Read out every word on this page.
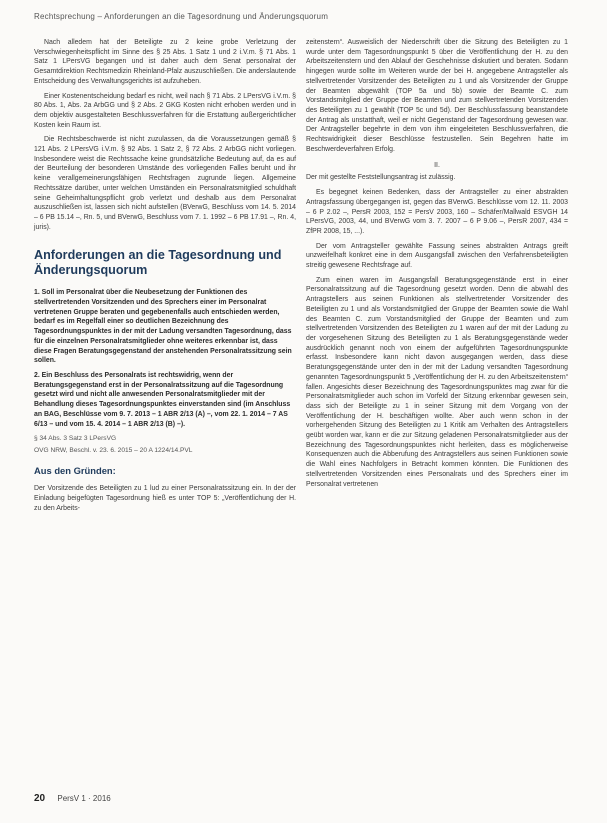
Rechtsprechung – Anforderungen an die Tagesordnung und Änderungsquorum

Nach alledem hat der Beteiligte zu 2 keine grobe Verletzung der Verschwiegenheitspflicht im Sinne des § 25 Abs. 1 Satz 1 und 2 i.V.m. § 71 Abs. 1 Satz 1 LPersVG begangen und ist daher auch dem Senat personalrat der Gesamtdirektion Rechtsmedizin Rheinland-Pfalz auszuschließen. Die anderslautende Entscheidung des Verwaltungsgerichts ist aufzuheben.

Einer Kostenentscheidung bedarf es nicht, weil nach § 71 Abs. 2 LPersVG i.V.m. § 80 Abs. 1, Abs. 2a ArbGG und § 2 Abs. 2 GKG Kosten nicht erhoben werden und in dem objektiv ausgestalteten Beschlussverfahren für die Erstattung außergerichtlicher Kosten kein Raum ist.

Die Rechtsbeschwerde ist nicht zuzulassen, da die Voraussetzungen gemäß § 121 Abs. 2 LPersVG i.V.m. § 92 Abs. 1 Satz 2, § 72 Abs. 2 ArbGG nicht vorliegen. Insbesondere weist die Rechtssache keine grundsätzliche Bedeutung auf, da es auf der Beurteilung der besonderen Umstände des vorliegenden Falles beruht und ihr keine verallgemeinerungsfähigen Rechtsfragen zugrunde liegen. Allgemeine Rechtssätze darüber, unter welchen Umständen ein Personalratsmitglied schuldhaft seine Geheimhaltungspflicht grob verletzt und deshalb aus dem Personalrat auszuschließen ist, lassen sich nicht aufstellen (BVerwG, Beschluss vom 14. 5. 2014 – 6 PB 15.14 –, Rn. 5, und BVerwG, Beschluss vom 7. 1. 1992 – 6 PB 17.91 –, Rn. 4, juris).

Anforderungen an die Tagesordnung und Änderungsquorum

1. Soll im Personalrat über die Neubesetzung der Funktionen des stellvertretenden Vorsitzenden und des Sprechers einer im Personalrat vertretenen Gruppe beraten und gegebenenfalls auch entschieden werden, bedarf es im Regelfall einer so deutlichen Bezeichnung des Tagesordnungspunktes in der mit der Ladung versandten Tagesordnung, dass für die einzelnen Personalratsmitglieder ohne weiteres erkennbar ist, dass diese Fragen Beratungsgegenstand der anstehenden Personalratssitzung sein sollen.

2. Ein Beschluss des Personalrats ist rechtswidrig, wenn der Beratungsgegenstand erst in der Personalratssitzung auf die Tagesordnung gesetzt wird und nicht alle anwesenden Personalratsmitglieder mit der Behandlung dieses Tagesordnungspunktes einverstanden sind (im Anschluss an BAG, Beschlüsse vom 9. 7. 2013 – 1 ABR 2/13 (A) –, vom 22. 1. 2014 – 7 AS 6/13 – und vom 15. 4. 2014 – 1 ABR 2/13 (B) –).

§ 34 Abs. 3 Satz 3 LPersVG

OVG NRW, Beschl. v. 23. 6. 2015 – 20 A 1224/14.PVL

Aus den Gründen:

Der Vorsitzende des Beteiligten zu 1 lud zu einer Personalratssitzung ein. In der der Einladung beigefügten Tagesordnung hieß es unter TOP 5: „Veröffentlichung der H. zu den Arbeits-

zeitenstern“. Ausweislich der Niederschrift über die Sitzung des Beteiligten zu 1 wurde unter dem Tagesordnungspunkt 5 über die Veröffentlichung der H. zu den Arbeitszeitenstern und den Ablauf der Geschehnisse diskutiert und beraten. Sodann hingegen wurde sollte im Weiteren wurde der bei H. angegebene Antragsteller als stellvertretender Vorsitzender des Beteiligten zu 1 und als Vorsitzender der Gruppe der Beamten abgewählt (TOP 5a und 5b) sowie der Beamte C. zum Vorstandsmitglied der Gruppe der Beamten und zum stellvertretenden Vorsitzenden des Beteiligten zu 1 gewählt (TOP 5c und 5d). Der Beschlussfassung beanstandete der Antrag als unstatthaft, weil er nicht Gegenstand der Tagesordnung gewesen war. Der Antragsteller begehrte in dem von ihm eingeleiteten Beschlussverfahren, die Rechtswidrigkeit dieser Beschlüsse festzustellen. Sein Begehren hatte im Beschwerdeverfahren Erfolg.

II.

Der mit gestellte Feststellungsantrag ist zulässig.

Es begegnet keinen Bedenken, dass der Antragsteller zu einer abstrakten Antragsfassung übergegangen ist, gegen das BVerwG. Beschlüsse vom 12. 11. 2003 – 6 P 2.02 –, PersR 2003, 152 = PersV 2003, 160 – Schäfer/Mallwald ESVGH 14 LPersVG, 2003, 44, und BVerwG vom 3. 7. 2007 – 6 P 9.06 –, PersR 2007, 434 = ZfPR 2008, 15, ...).

Der vom Antragsteller gewählte Fassung seines abstrakten Antrags greift unzweifelhaft konkret eine in dem Ausgangsfall zwischen den Verfahrensbeteiligten streitig gewesene Rechtsfrage auf.

Zum einen waren im Ausgangsfall Beratungsgegenstände erst in einer Personalratssitzung auf die Tagesordnung gesetzt worden. Denn die abwahl des Antragstellers aus seinen Funktionen als stellvertretender Vorsitzender des Beteiligten zu 1 und als Vorstandsmitglied der Gruppe der Beamten sowie die Wahl des Beamten C. zum Vorstandsmitglied der Gruppe der Beamten und zum stellvertretenden Vorsitzenden des Beteiligten zu 1 waren auf der mit der Ladung zu der vorgesehenen Sitzung des Beteiligten zu 1 als Beratungsgegenstände weder ausdrücklich genannt noch von einem der aufgeführten Tagesordnungspunkte erfasst. Insbesondere kann nicht davon ausgegangen werden, dass diese Beratungsgegenstände unter den in der mit der Ladung versandten Tagesordnung genannten Tagesordnungspunkt 5 „Veröffentlichung der H. zu den Arbeitszeitenstern“ fallen. Angesichts dieser Bezeichnung des Tagesordnungspunktes mag zwar für die Personalratsmitglieder auch schon im Vorfeld der Sitzung erkennbar gewesen sein, dass sich der Beteiligte zu 1 in seiner Sitzung mit dem Vorgang von der Veröffentlichung der H. beschäftigen wollte. Aber auch wenn schon in der vorhergehenden Sitzung des Beteiligten zu 1 Kritik am Verhalten des Antragstellers geübt worden war, kann er die zur Sitzung geladenen Personalratsmitglieder aus der Bezeichnung des Tagesordnungspunktes nicht herleiten, dass es möglicherweise Konsequenzen auch die Abberufung des Antragstellers aus seinen Funktionen sowie die Wahl eines Nachfolgers in Betracht kommen könnten. Die Funktionen des stellvertretenden Vorsitzenden eines Personalrats und des Sprechers einer im Personalrat vertretenen

20 PersV 1 · 2016
